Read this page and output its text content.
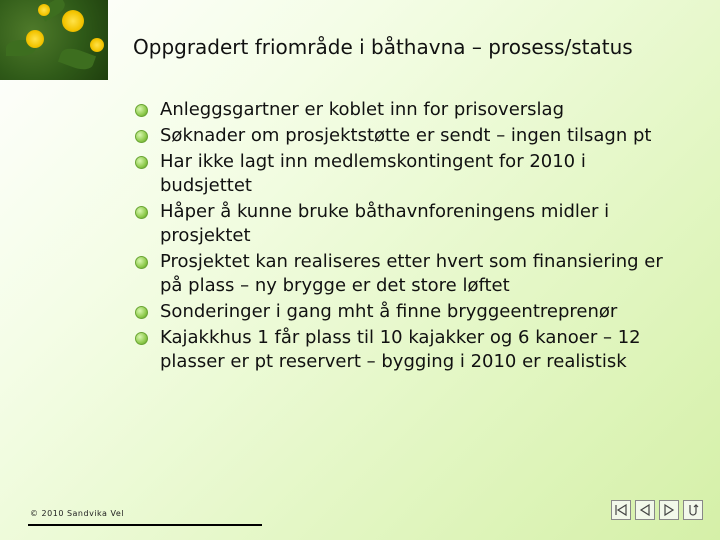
Oppgradert friområde i båthavna – prosess/status
Anleggsgartner er koblet inn for prisoverslag
Søknader om prosjektstøtte er sendt – ingen tilsagn pt
Har ikke lagt inn medlemskontingent for 2010 i budsjettet
Håper å kunne bruke båthavnforeningens midler i prosjektet
Prosjektet kan realiseres etter hvert som finansiering er på plass – ny brygge er det store løftet
Sonderinger i gang mht å finne bryggeentreprenør
Kajakkhus 1 får plass til 10 kajakker og 6 kanoer – 12 plasser er pt reservert – bygging i 2010 er realistisk
© 2010 Sandvika Vel
